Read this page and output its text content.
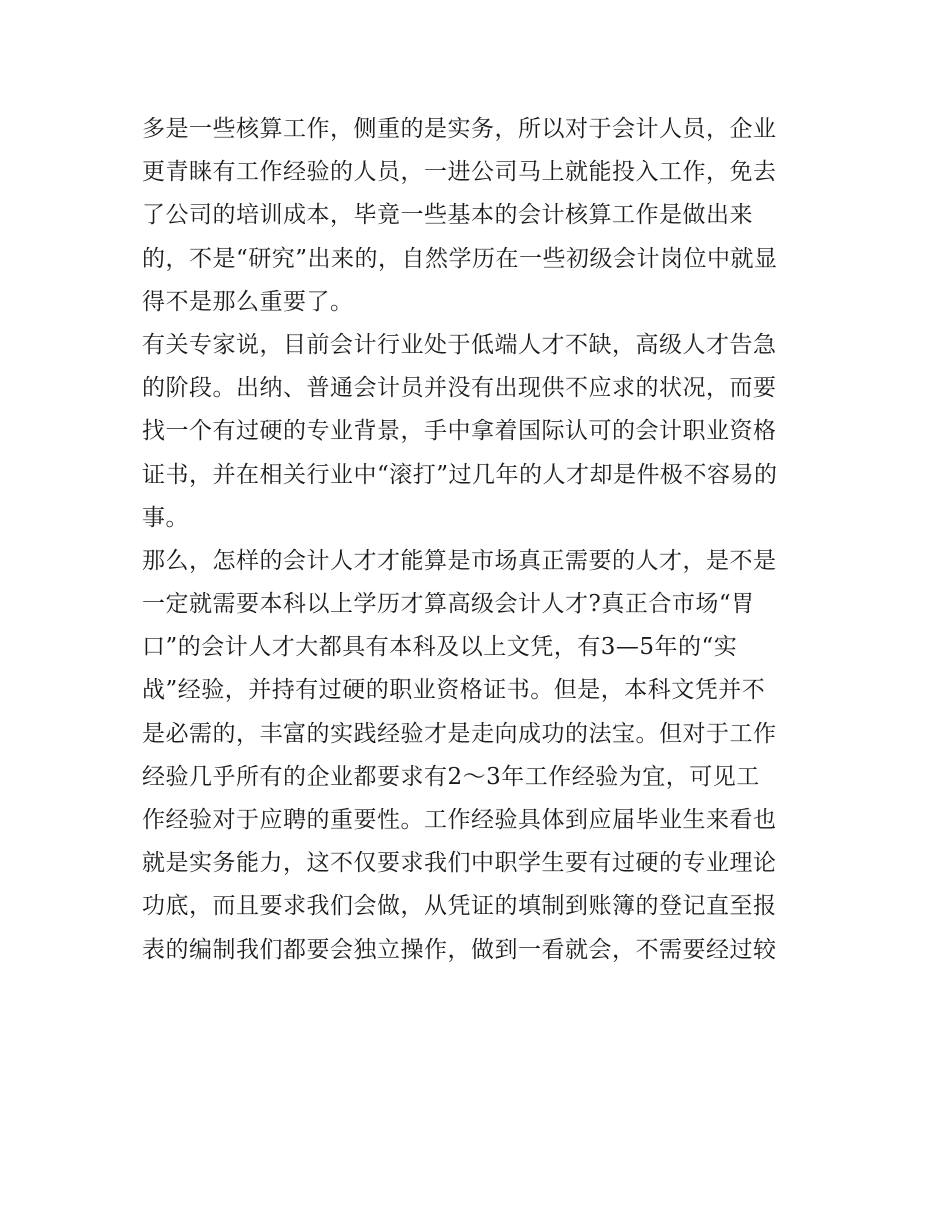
多是一些核算工作，侧重的是实务，所以对于会计人员，企业
更青睐有工作经验的人员，一进公司马上就能投入工作，免去
了公司的培训成本，毕竟一些基本的会计核算工作是做出来
的，不是“研究”出来的，自然学历在一些初级会计岗位中就显
得不是那么重要了。
有关专家说，目前会计行业处于低端人才不缺，高级人才告急
的阶段。出纳、普通会计员并没有出现供不应求的状况，而要
找一个有过硬的专业背景，手中拿着国际认可的会计职业资格
证书，并在相关行业中“滚打”过几年的人才却是件极不容易的
事。
那么，怎样的会计人才才能算是市场真正需要的人才，是不是
一定就需要本科以上学历才算高级会计人才?真正合市场“胃
口”的会计人才大都具有本科及以上文凭，有3—5年的“实
战”经验，并持有过硬的职业资格证书。但是，本科文凭并不
是必需的，丰富的实践经验才是走向成功的法宝。但对于工作
经验几乎所有的企业都要求有2～3年工作经验为宜，可见工
作经验对于应聘的重要性。工作经验具体到应届毕业生来看也
就是实务能力，这不仅要求我们中职学生要有过硬的专业理论
功底，而且要求我们会做，从凭证的填制到账簿的登记直至报
表的编制我们都要会独立操作，做到一看就会，不需要经过较
